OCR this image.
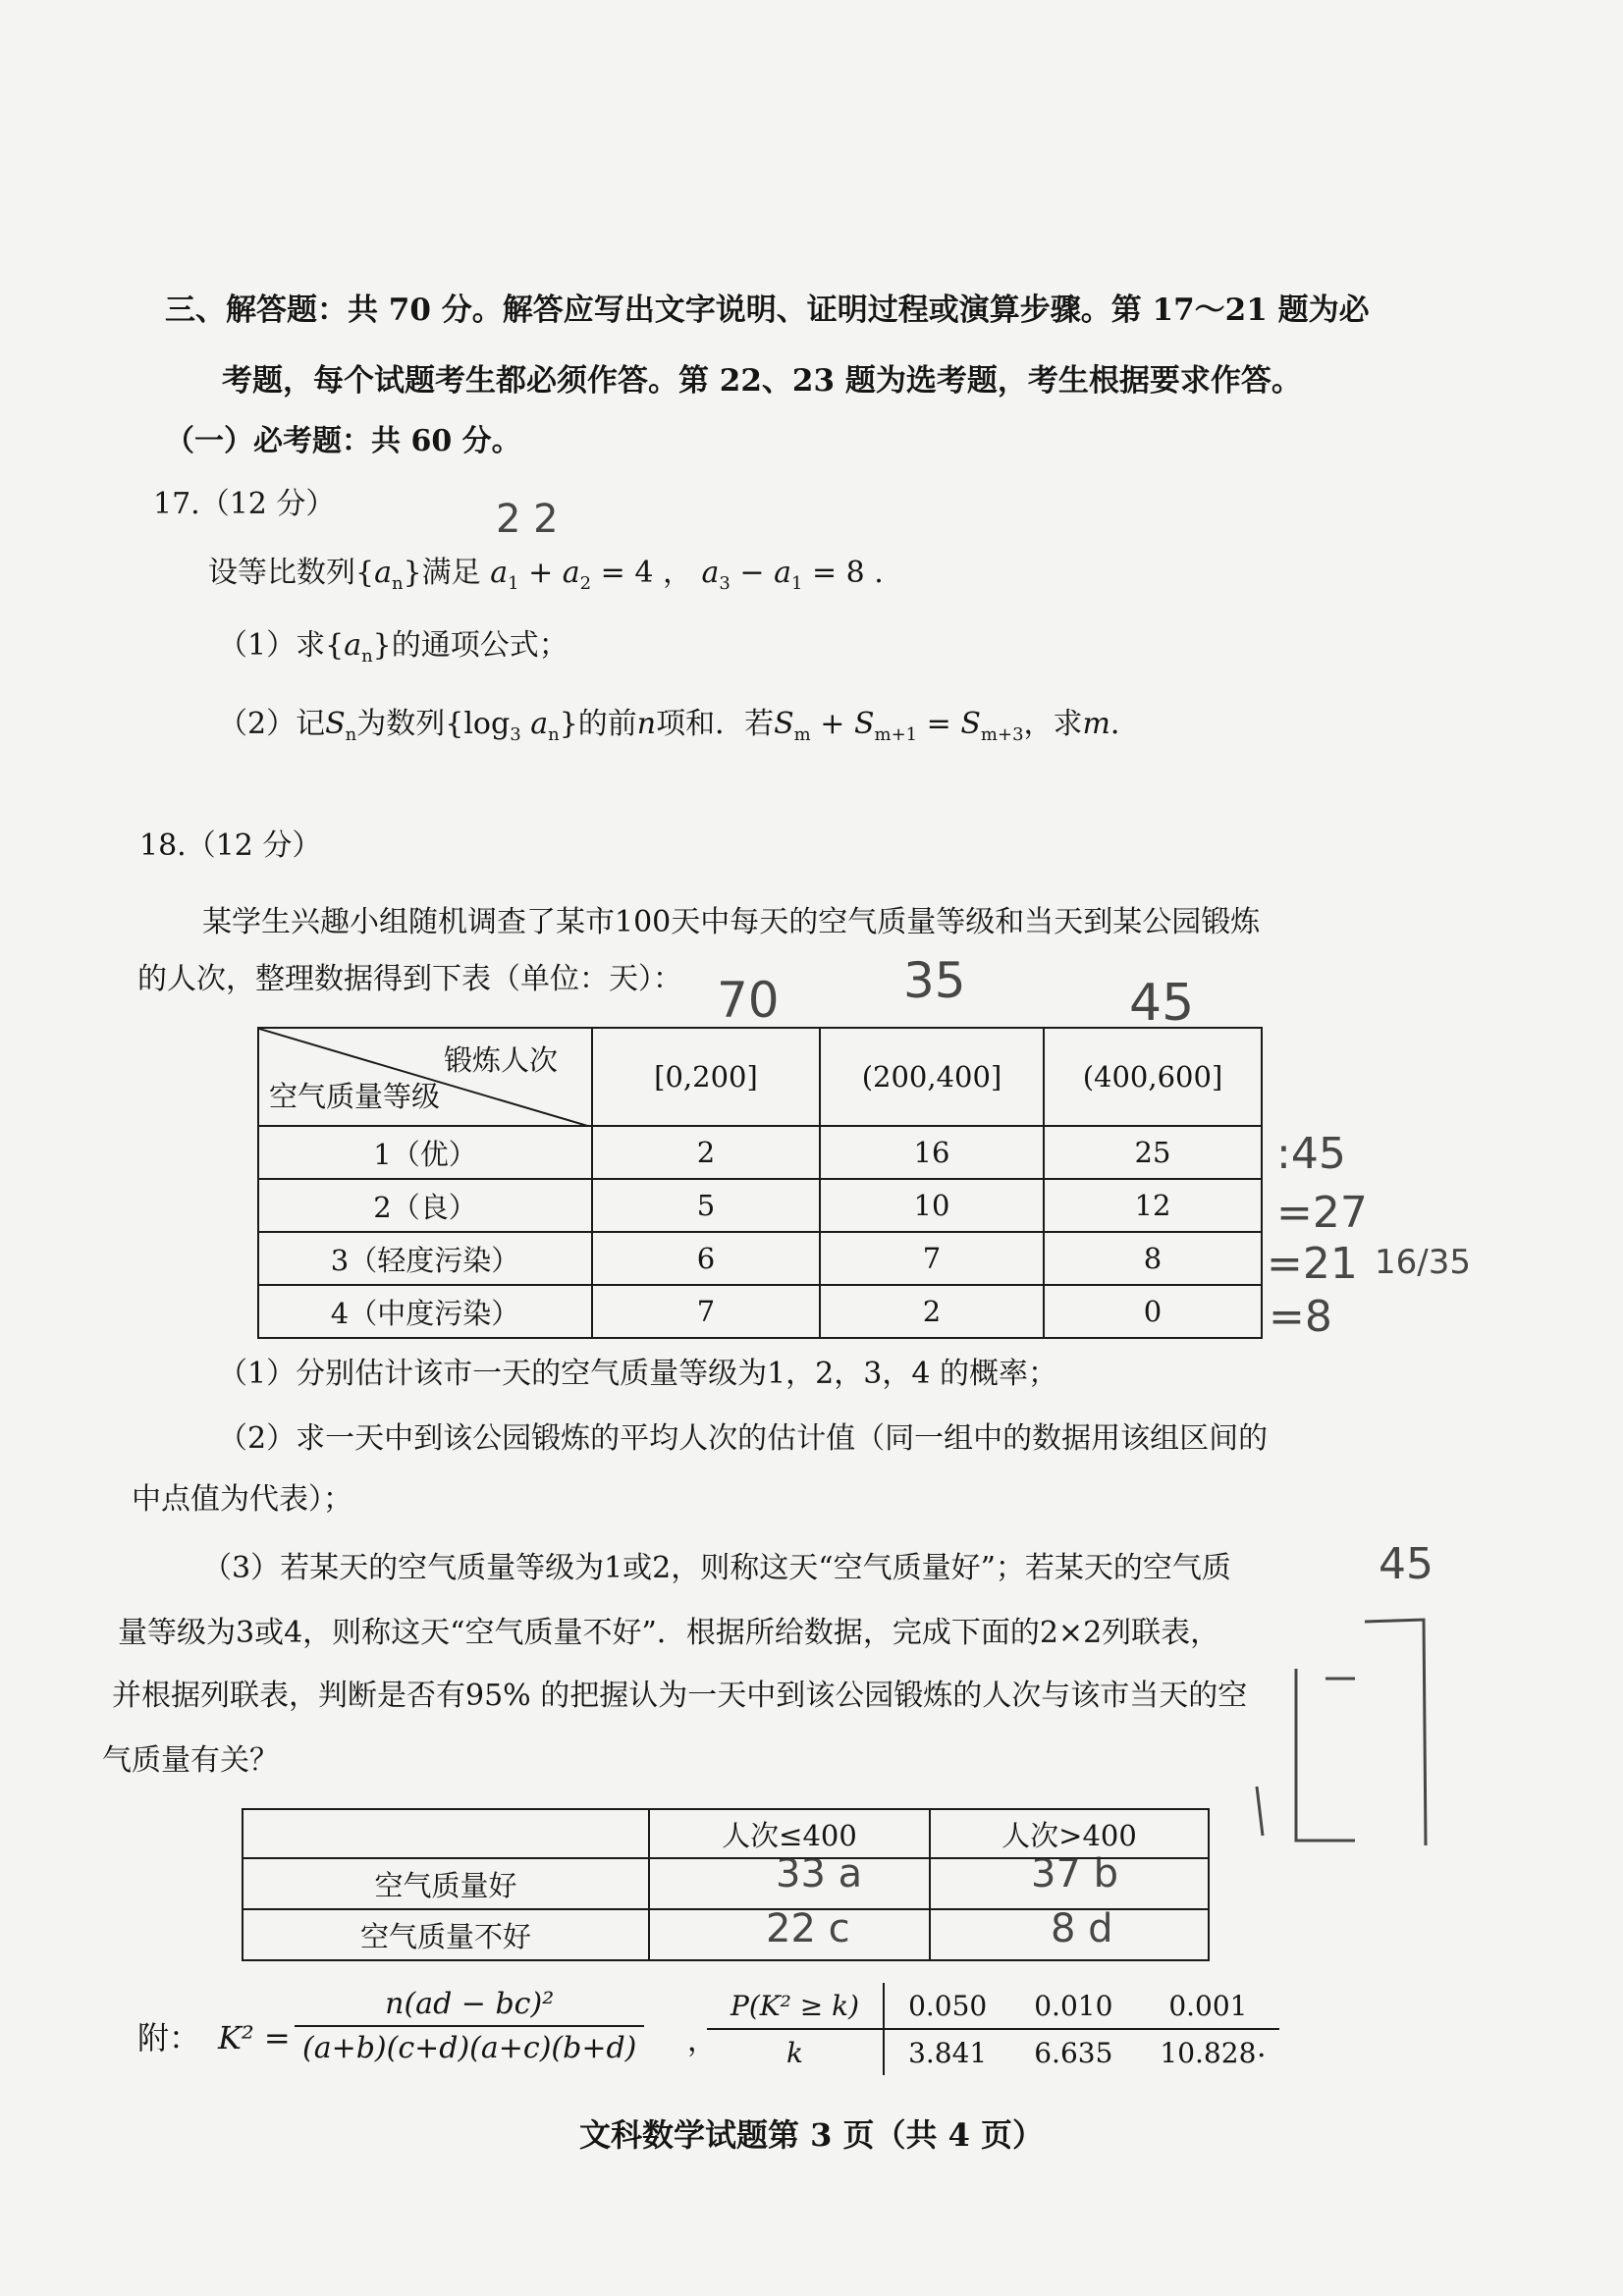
三、解答题：共 70 分。解答应写出文字说明、证明过程或演算步骤。第 17～21 题为必
考题，每个试题考生都必须作答。第 22、23 题为选考题，考生根据要求作答。
（一）必考题：共 60 分。
17.（12 分）
设等比数列$\{a_n\}$满足 $a_1 + a_2 = 4$ ， $a_3 - a_1 = 8$ .
（1）求$\{a_n\}$的通项公式；
（2）记$S_n$为数列{$\log_3$ $a_n$}的前n项和．若$S_m + S_{m+1} = S_{m+3}$，求m．
18.（12 分）
某学生兴趣小组随机调查了某市100天中每天的空气质量等级和当天到某公园锻炼
的人次，整理数据得到下表（单位：天）：
锻炼人次
空气质量等级	[0,200]	(200,400]	(400,600]
1（优）	2	16	25
2（良）	5	10	12
3（轻度污染）	6	7	8
4（中度污染）	7	2	0
（1）分别估计该市一天的空气质量等级为1，2，3，4 的概率；
（2）求一天中到该公园锻炼的平均人次的估计值（同一组中的数据用该组区间的
中点值为代表）；
（3）若某天的空气质量等级为1或2，则称这天“空气质量好”；若某天的空气质
量等级为3或4，则称这天“空气质量不好”．根据所给数据，完成下面的2×2列联表，
并根据列联表，判断是否有95% 的把握认为一天中到该公园锻炼的人次与该市当天的空
气质量有关？
	人次≤400	人次>400
空气质量好		
空气质量不好		
附： $K^2 = \frac{\text{n(ad − bc)²}}{(a+b)(c+d)(a+c)(b+d)}$ ，
P(K² ≥ k)	0.050	0.010	0.001
k	3.841	6.635	10.828 .
文科数学试题第 3 页（共 4 页）
2 2
70	35	45
:45
=27
=21
=8
16/35
33 a	37 b
22 c	8 d
45
